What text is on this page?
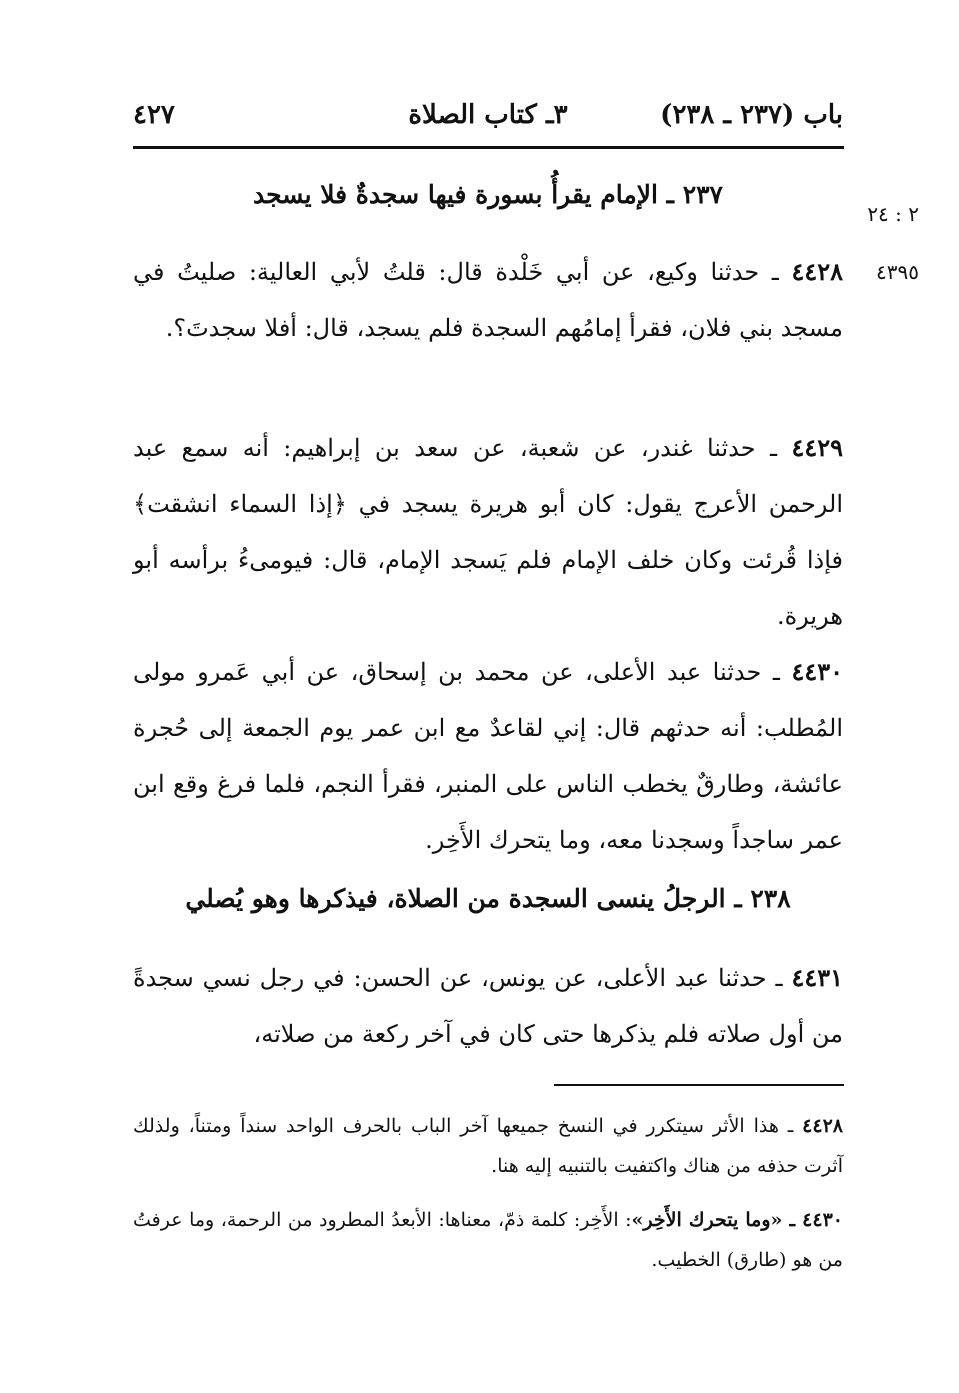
باب (٢٣٧ ـ ٢٣٨)
٣ـ كتاب الصلاة
٤٢٧
٢ : ٢٤
٤٣٩٥
٢٣٧ ـ الإمام يقرأُ بسورة فيها سجدةٌ فلا يسجد

٤٤٢٨ ـ حدثنا وكيع، عن أبي خَلْدة قال: قلتُ لأبي العالية: صليتُ في مسجد بني فلان، فقرأ إمامُهم السجدة فلم يسجد، قال: أفلا سجدتَ؟.

٤٤٢٩ ـ حدثنا غندر، عن شعبة، عن سعد بن إبراهيم: أنه سمع عبد الرحمن الأعرج يقول: كان أبو هريرة يسجد في ﴿إذا السماء انشقت﴾ فإذا قُرئت وكان خلف الإمام فلم يَسجد الإمام، قال: فيومىءُ برأسه أبو هريرة.

٤٤٣٠ ـ حدثنا عبد الأعلى، عن محمد بن إسحاق، عن أبي عَمرو مولى المُطلب: أنه حدثهم قال: إني لقاعدٌ مع ابن عمر يوم الجمعة إلى حُجرة عائشة، وطارقٌ يخطب الناس على المنبر، فقرأ النجم، فلما فرغ وقع ابن عمر ساجداً وسجدنا معه، وما يتحرك الأَخِر.

٢٣٨ ـ الرجلُ ينسى السجدة من الصلاة، فيذكرها وهو يُصلي

٤٤٣١ ـ حدثنا عبد الأعلى، عن يونس، عن الحسن: في رجل نسي سجدةً من أول صلاته فلم يذكرها حتى كان في آخر ركعة من صلاته،

٤٤٢٨ ـ هذا الأثر سيتكرر في النسخ جميعها آخر الباب بالحرف الواحد سنداً ومتناً، ولذلك آثرت حذفه من هناك واكتفيت بالتنبيه إليه هنا.

٤٤٣٠ ـ «وما يتحرك الأَخِر»: الأَخِر: كلمة ذمّ، معناها: الأبعدُ المطرود من الرحمة، وما عرفتُ من هو (طارق) الخطيب.
